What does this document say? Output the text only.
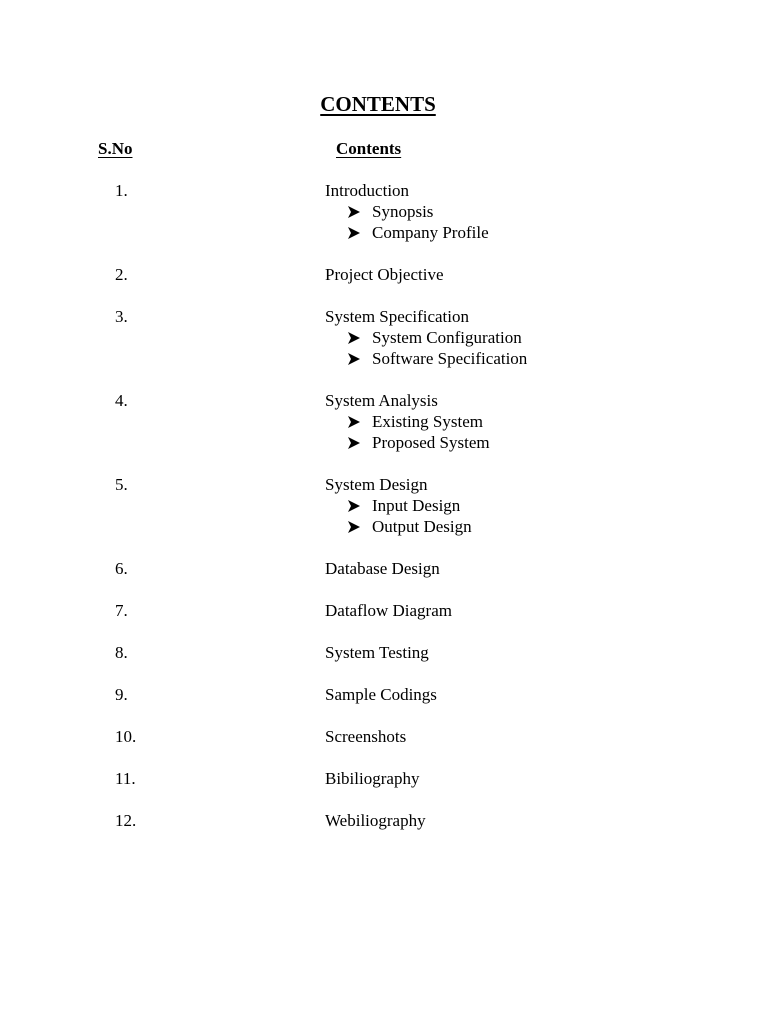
CONTENTS
S.No	Contents
1.	Introduction
Synopsis
Company Profile
2.	Project Objective
3.	System Specification
System Configuration
Software Specification
4.	System Analysis
Existing System
Proposed System
5.	System Design
Input Design
Output Design
6.	Database Design
7.	Dataflow Diagram
8.	System Testing
9.	Sample Codings
10.	Screenshots
11.	Bibiliography
12.	Webiliography
